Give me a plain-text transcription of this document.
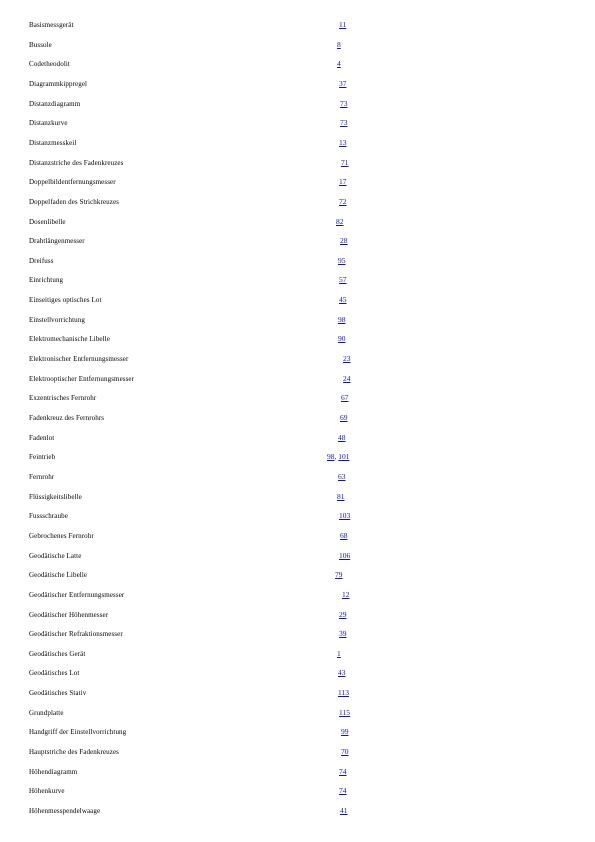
Basismessgerät	11
Bussole	8
Codetheodolit	4
Diagrammkippregel	37
Distanzdiagramm	73
Distanzkurve	73
Distanzmesskeil	13
Distanzstriche des Fadenkreuzes	71
Doppelbildentfernungsmesser	17
Doppelfaden des Strichkreuzes	72
Dosenlibelle	82
Drahtlängenmesser	28
Dreifuss	95
Einrichtung	57
Einseitiges optisches Lot	45
Einstellvorrichtung	98
Elektromechanische Libelle	90
Elektronischer Entfernungsmesser	23
Elektrooptischer Entfernungsmesser	24
Exzentrisches Fernrohr	67
Fadenkreuz des Fernrohrs	69
Fadenlot	48
Feintrieb	98, 101
Fernrohr	63
Flüssigkeitslibelle	81
Fussschraube	103
Gebrochenes Fernrohr	68
Geodätische Latte	106
Geodätische Libelle	79
Geodätischer Entfernungsmesser	12
Geodätischer Höhenmesser	29
Geodätischer Refraktionsmesser	39
Geodätisches Gerät	1
Geodätisches Lot	43
Geodätisches Stativ	113
Grundplatte	115
Handgriff der Einstellvorrichtung	99
Hauptstriche des Fadenkreuzes	70
Höhendiagramm	74
Höhenkurve	74
Höhenmesspendelwaage	41
